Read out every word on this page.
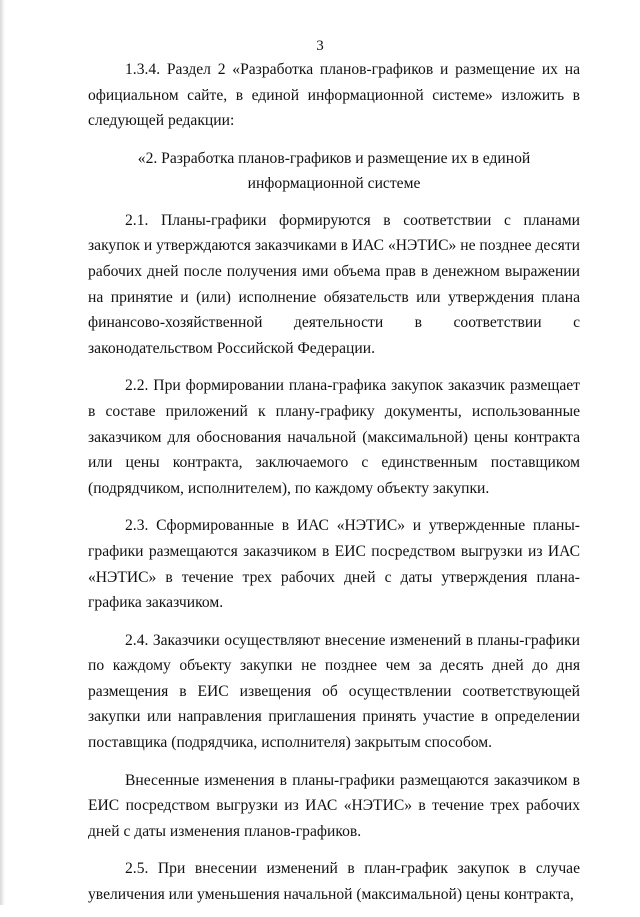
3

1.3.4. Раздел 2 «Разработка планов-графиков и размещение их на официальном сайте, в единой информационной системе» изложить в следующей редакции:

«2. Разработка планов-графиков и размещение их в единой информационной системе

2.1. Планы-графики формируются в соответствии с планами закупок и утверждаются заказчиками в ИАС «НЭТИС» не позднее десяти рабочих дней после получения ими объема прав в денежном выражении на принятие и (или) исполнение обязательств или утверждения плана финансово-хозяйственной деятельности в соответствии с законодательством Российской Федерации.

2.2. При формировании плана-графика закупок заказчик размещает в составе приложений к плану-графику документы, использованные заказчиком для обоснования начальной (максимальной) цены контракта или цены контракта, заключаемого с единственным поставщиком (подрядчиком, исполнителем), по каждому объекту закупки.

2.3. Сформированные в ИАС «НЭТИС» и утвержденные планы-графики размещаются заказчиком в ЕИС посредством выгрузки из ИАС «НЭТИС» в течение трех рабочих дней с даты утверждения плана-графика заказчиком.

2.4. Заказчики осуществляют внесение изменений в планы-графики по каждому объекту закупки не позднее чем за десять дней до дня размещения в ЕИС извещения об осуществлении соответствующей закупки или направления приглашения принять участие в определении поставщика (подрядчика, исполнителя) закрытым способом.

Внесенные изменения в планы-графики размещаются заказчиком в ЕИС посредством выгрузки из ИАС «НЭТИС» в течение трех рабочих дней с даты изменения планов-графиков.

2.5. При внесении изменений в план-график закупок в случае увеличения или уменьшения начальной (максимальной) цены контракта,
